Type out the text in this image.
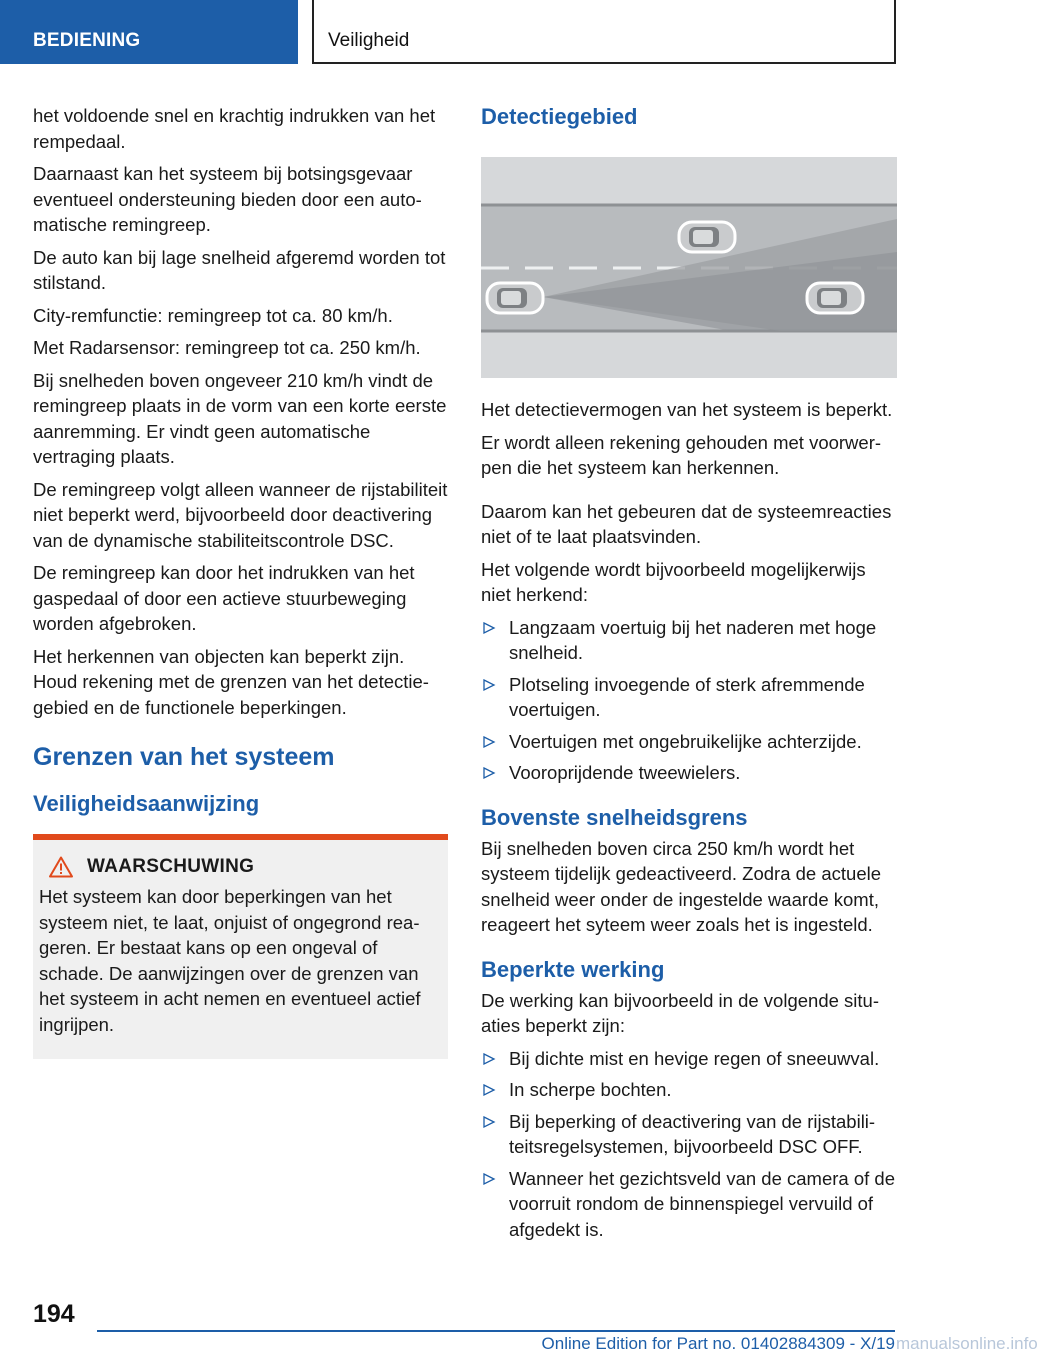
BEDIENING	Veiligheid

het voldoende snel en krachtig indrukken van het rempedaal.

Daarnaast kan het systeem bij botsingsgevaar eventueel ondersteuning bieden door een automatische remingreep.

De auto kan bij lage snelheid afgeremd worden tot stilstand.

City-remfunctie: remingreep tot ca. 80 km/h.

Met Radarsensor: remingreep tot ca. 250 km/h.

Bij snelheden boven ongeveer 210 km/h vindt de remingreep plaats in de vorm van een korte eerste aanremming. Er vindt geen automatische vertraging plaats.

De remingreep volgt alleen wanneer de rijstabiliteit niet beperkt werd, bijvoorbeeld door deactivering van de dynamische stabiliteitscontrole DSC.

De remingreep kan door het indrukken van het gaspedaal of door een actieve stuurbeweging worden afgebroken.

Het herkennen van objecten kan beperkt zijn. Houd rekening met de grenzen van het detectiegebied en de functionele beperkingen.

Grenzen van het systeem
Veiligheidsaanwijzing
WAARSCHUWING

Het systeem kan door beperkingen van het systeem niet, te laat, onjuist of ongegrond reageren. Er bestaat kans op een ongeval of schade. De aanwijzingen over de grenzen van het systeem in acht nemen en eventueel actief ingrijpen.

Detectiegebied

Het detectievermogen van het systeem is beperkt.

Er wordt alleen rekening gehouden met voorwerpen die het systeem kan herkennen.

Daarom kan het gebeuren dat de systeemreacties niet of te laat plaatsvinden.

Het volgende wordt bijvoorbeeld mogelijkerwijs niet herkend:

Langzaam voertuig bij het naderen met hoge snelheid.
Plotseling invoegende of sterk afremmende voertuigen.
Voertuigen met ongebruikelijke achterzijde.
Vooroprijdende tweewielers.
Bovenste snelheidsgrens

Bij snelheden boven circa 250 km/h wordt het systeem tijdelijk gedeactiveerd. Zodra de actuele snelheid weer onder de ingestelde waarde komt, reageert het syteem weer zoals het is ingesteld.

Beperkte werking

De werking kan bijvoorbeeld in de volgende situaties beperkt zijn:

Bij dichte mist en hevige regen of sneeuwval.
In scherpe bochten.
Bij beperking of deactivering van de rijstabiliteitsregelsystemen, bijvoorbeeld DSC OFF.
Wanneer het gezichtsveld van de camera of de voorruit rondom de binnenspiegel vervuild of afgedekt is.
194
Online Edition for Part no. 01402884309 - X/19 manualsonline.info
